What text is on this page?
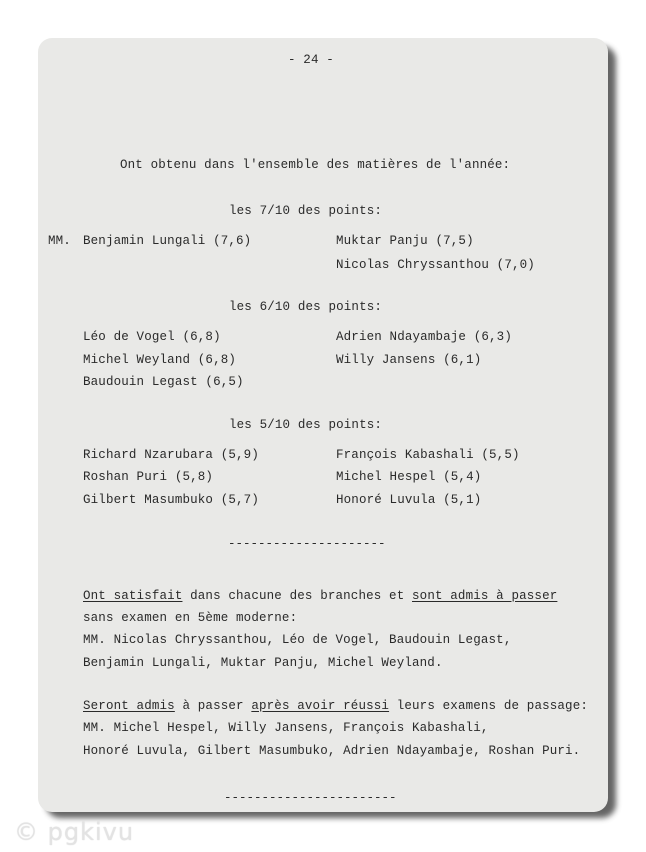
- 24 -
Ont obtenu dans l'ensemble des matières de l'année:
les 7/10 des points:
MM. Benjamin Lungali (7,6)	Muktar Panju (7,5)
Nicolas Chryssanthou (7,0)
les 6/10 des points:
Léo de Vogel (6,8)
Michel Weyland (6,8)
Baudouin Legast (6,5)
Adrien Ndayambaje (6,3)
Willy Jansens (6,1)
les 5/10 des points:
Richard Nzarubara (5,9)
Roshan Puri (5,8)
Gilbert Masumbuko (5,7)
François Kabashali (5,5)
Michel Hespel (5,4)
Honoré Luvula (5,1)
---------------------
Ont satisfait dans chacune des branches et sont admis à passer
sans examen en 5ème moderne:
MM. Nicolas Chryssanthou, Léo de Vogel, Baudouin Legast,
Benjamin Lungali, Muktar Panju, Michel Weyland.
Seront admis à passer après avoir réussi leurs examens de passage:
MM. Michel Hespel, Willy Jansens, François Kabashali,
Honoré Luvula, Gilbert Masumbuko, Adrien Ndayambaje, Roshan Puri.
-----------------------
© pgkivu
